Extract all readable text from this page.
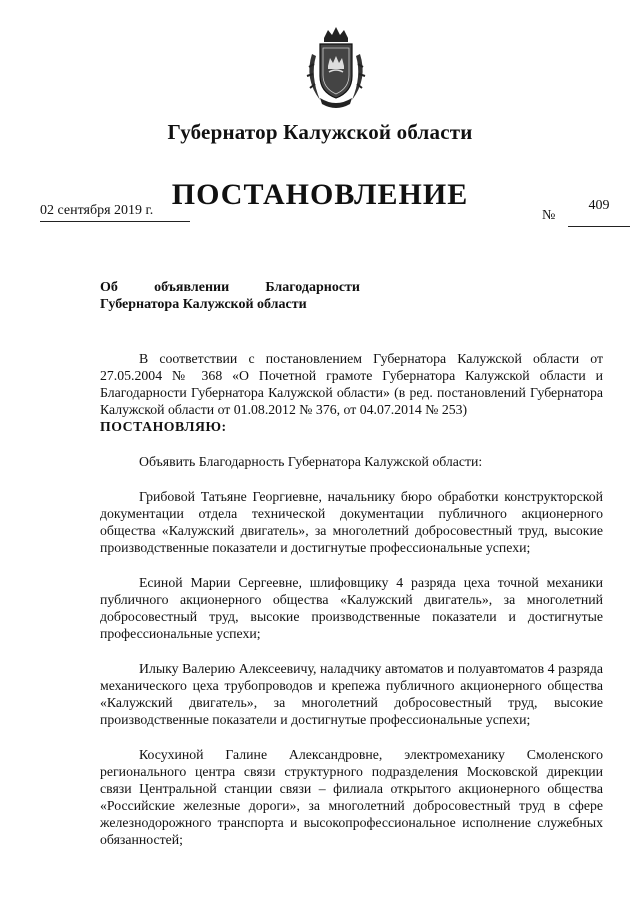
Губернатор Калужской области
ПОСТАНОВЛЕНИЕ
02 сентября 2019 г.	№
409
Об	объявлении	Благодарности
Губернатора Калужской области

В соответствии с постановлением Губернатора Калужской области от 27.05.2004 № 368 «О Почетной грамоте Губернатора Калужской области и Благодарности Губернатора Калужской области» (в ред. постановлений Губернатора Калужской области от 01.08.2012 № 376, от 04.07.2014 № 253)

ПОСТАНОВЛЯЮ:

Объявить Благодарность Губернатора Калужской области:

Грибовой Татьяне Георгиевне, начальнику бюро обработки конструкторской документации отдела технической документации публичного акционерного общества «Калужский двигатель», за многолетний добросовестный труд, высокие производственные показатели и достигнутые профессиональные успехи;

Есиной Марии Сергеевне, шлифовщику 4 разряда цеха точной механики публичного акционерного общества «Калужский двигатель», за многолетний добросовестный труд, высокие производственные показатели и достигнутые профессиональные успехи;

Илыку Валерию Алексеевичу, наладчику автоматов и полуавтоматов 4 разряда механического цеха трубопроводов и крепежа публичного акционерного общества «Калужский двигатель», за многолетний добросовестный труд, высокие производственные показатели и достигнутые профессиональные успехи;

Косухиной Галине Александровне, электромеханику Смоленского регионального центра связи структурного подразделения Московской дирекции связи Центральной станции связи – филиала открытого акционерного общества «Российские железные дороги», за многолетний добросовестный труд в сфере железнодорожного транспорта и высокопрофессиональное исполнение служебных обязанностей;
